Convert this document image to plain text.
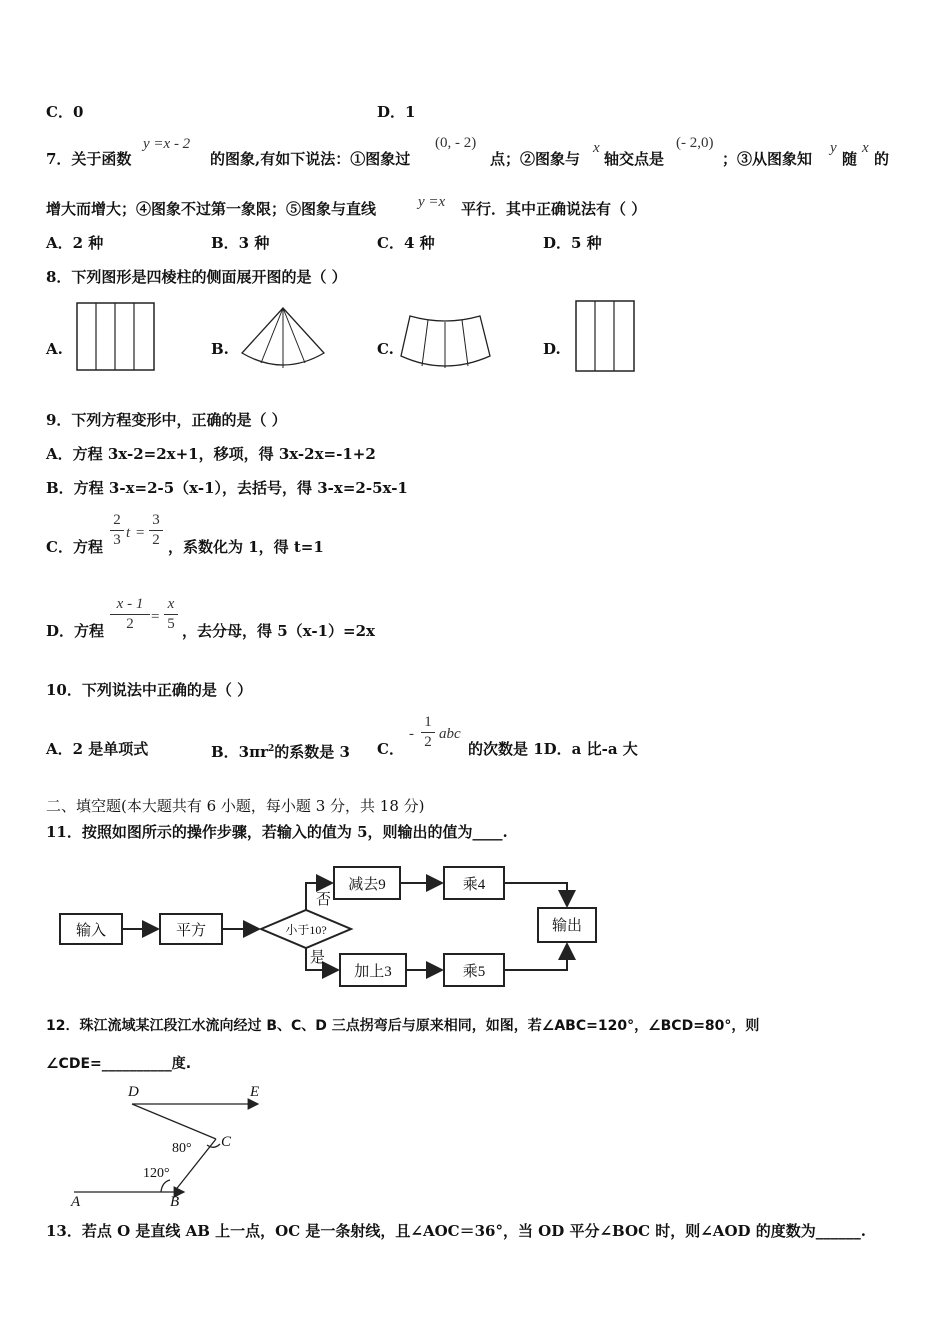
C．0	D．1
7．关于函数
y =x - 2
的图象,有如下说法：①图象过
(0, - 2)
点；②图象与
x
轴交点是
(- 2,0)
；③从图象知
y
随
x
的
增大而增大；④图象不过第一象限；⑤图象与直线	y =x 平行．其中正确说法有（ ）
A．2 种	B．3 种	C．4 种	D．5 种
8．下列图形是四棱柱的侧面展开图的是（ ）
A.	B.	C.	D.
9．下列方程变形中，正确的是（ ）
A．方程 3x-2=2x+1，移项，得 3x-2x=-1+2
B．方程 3-x=2-5（x-1），去括号，得 3-x=2-5x-1
C．方程
2
3 t =
3
2 ，系数化为 1，得 t=1
D．方程
x - 1
2	=
x
5 ，去分母，得 5（x-1）=2x
10．下列说法中正确的是（ ）
A．2 是单项式	B．$3\pi r^2$的系数是 3 C．
-
1
2 abc
的次数是 1D．a 比-a 大
二、填空题(本大题共有 6 小题，每小题 3 分，共 18 分)
11．按照如图所示的操作步骤，若输入的值为 5，则输出的值为____.
输入	平方	小于10?
否
是
减去9	乘4
加上3	乘5
输出
12．珠江流域某江段江水流向经过 B、C、D 三点拐弯后与原来相同，如图，若∠ABC=120°，∠BCD=80°，则
∠CDE=__________度.
D	E
C
A	B
80°
120°
13．若点 O 是直线 AB 上一点，OC 是一条射线，且∠AOC＝36°，当 OD 平分∠BOC 时，则∠AOD 的度数为______.
